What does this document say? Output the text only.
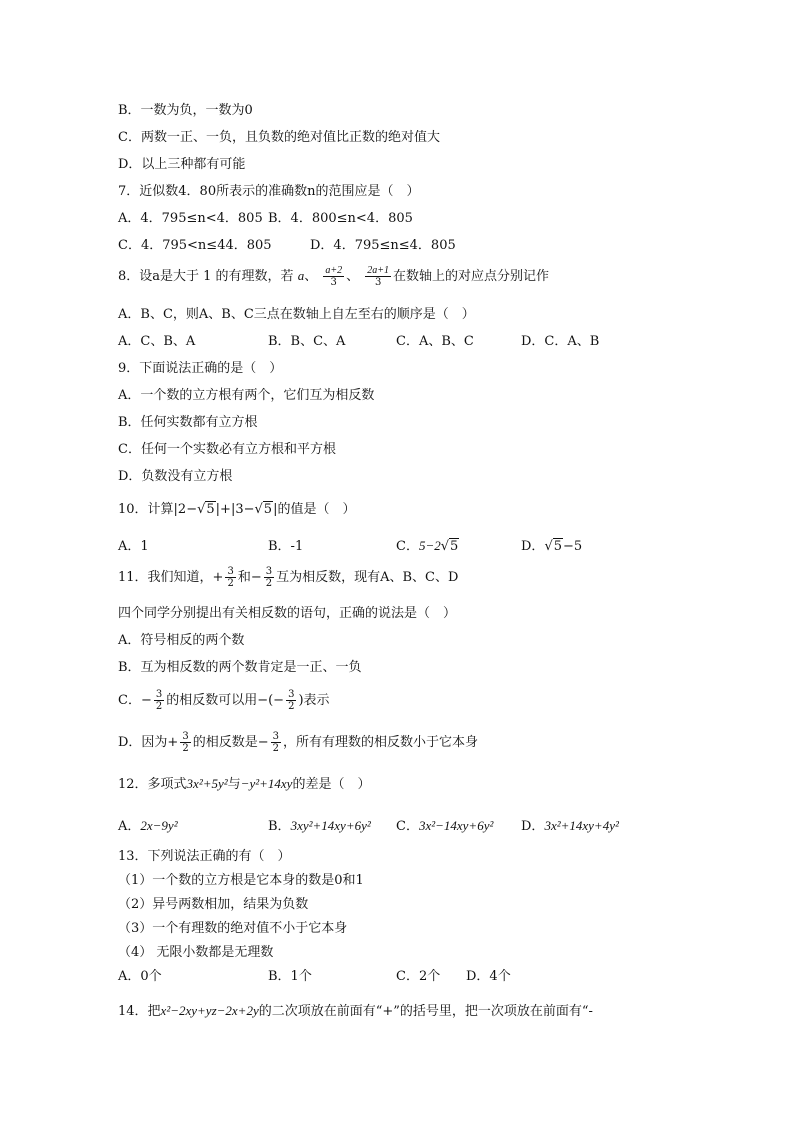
B．一数为负，一数为0
C．两数一正、一负，且负数的绝对值比正数的绝对值大
D．以上三种都有可能
7．近似数4．80所表示的准确数n的范围应是（　）
A．4．795≤n<4．805 B．4．800≤n<4．805
C．4．795<n≤44．805	D．4．795≤n≤4．805
8．设a是大于 1 的有理数，若 a、 $\frac{a+2}{3}$ 、 $\frac{2a+1}{3}$ 在数轴上的对应点分别记作
A．B、C，则A、B、C三点在数轴上自左至右的顺序是（　）
A．C、B、A	B．B、C、A	C．A、B、C	D．C．A、B
9．下面说法正确的是（　）
A．一个数的立方根有两个，它们互为相反数
B．任何实数都有立方根
C．任何一个实数必有立方根和平方根
D．负数没有立方根
10．计算|2−√5|+|3−√5|的值是（　）
A．1	B．-1	C．5−2√5	D．√5−5
11．我们知道，+ $\frac{3}{2}$ 和− $\frac{3}{2}$ 互为相反数，现有A、B、C、D
四个同学分别提出有关相反数的语句，正确的说法是（　）
A．符号相反的两个数
B．互为相反数的两个数肯定是一正、一负
C．− $\frac{3}{2}$ 的相反数可以用−(− $\frac{3}{2}$ )表示
D．因为+ $\frac{3}{2}$ 的相反数是− $\frac{3}{2}$ ，所有有理数的相反数小于它本身
12．多项式3x²+5y²与−y²+14xy的差是（　）
A．2x−9y²	B．3xy²+14xy+6y² C．3x²−14xy+6y² D．3x²+14xy+4y²
13．下列说法正确的有（　）
（1）一个数的立方根是它本身的数是0和1
（2）异号两数相加，结果为负数
（3）一个有理数的绝对值不小于它本身
（4） 无限小数都是无理数
A．0个	B．1个	C．2个 D．4个
14．把x²−2xy+yz−2x+2y的二次项放在前面有“+”的括号里，把一次项放在前面有“-
